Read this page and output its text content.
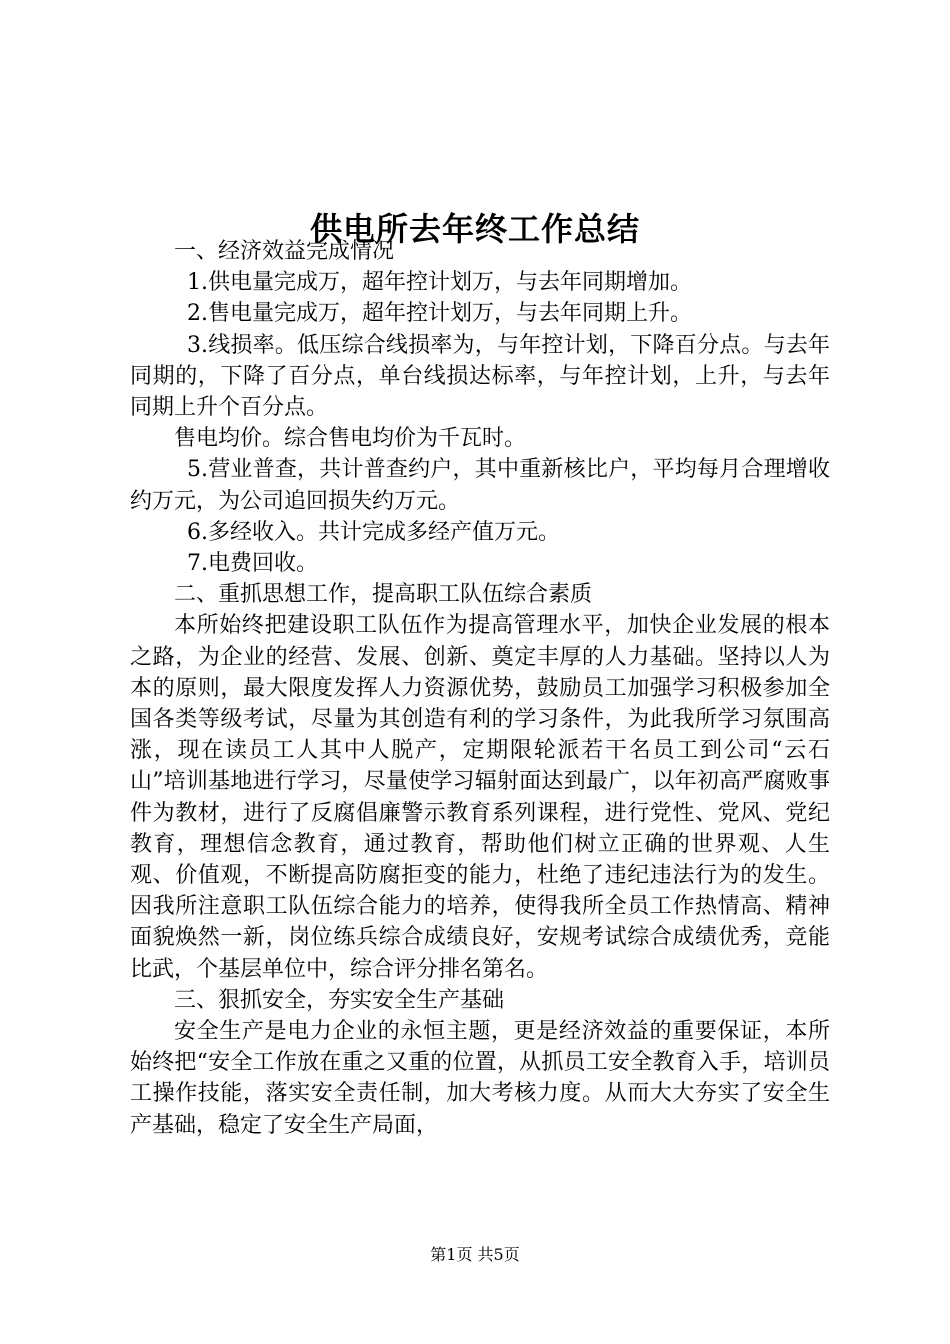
供电所去年终工作总结

一、经济效益完成情况

1.供电量完成万，超年控计划万，与去年同期增加。

2.售电量完成万，超年控计划万，与去年同期上升。

3.线损率。低压综合线损率为，与年控计划，下降百分点。与去年同期的，下降了百分点，单台线损达标率，与年控计划，上升，与去年同期上升个百分点。

售电均价。综合售电均价为千瓦时。

5.营业普查，共计普查约户，其中重新核比户，平均每月合理增收约万元，为公司追回损失约万元。

6.多经收入。共计完成多经产值万元。

7.电费回收。

二、重抓思想工作，提高职工队伍综合素质

本所始终把建设职工队伍作为提高管理水平，加快企业发展的根本之路，为企业的经营、发展、创新、奠定丰厚的人力基础。坚持以人为本的原则，最大限度发挥人力资源优势，鼓励员工加强学习积极参加全国各类等级考试，尽量为其创造有利的学习条件，为此我所学习氛围高涨，现在读员工人其中人脱产，定期限轮派若干名员工到公司“云石山”培训基地进行学习，尽量使学习辐射面达到最广，以年初高严腐败事件为教材，进行了反腐倡廉警示教育系列课程，进行党性、党风、党纪教育，理想信念教育，通过教育，帮助他们树立正确的世界观、人生观、价值观，不断提高防腐拒变的能力，杜绝了违纪违法行为的发生。因我所注意职工队伍综合能力的培养，使得我所全员工作热情高、精神面貌焕然一新，岗位练兵综合成绩良好，安规考试综合成绩优秀，竞能比武，个基层单位中，综合评分排名第名。

三、狠抓安全，夯实安全生产基础

安全生产是电力企业的永恒主题，更是经济效益的重要保证，本所始终把“安全工作放在重之又重的位置，从抓员工安全教育入手，培训员工操作技能，落实安全责任制，加大考核力度。从而大大夯实了安全生产基础，稳定了安全生产局面，

第1页 共5页
